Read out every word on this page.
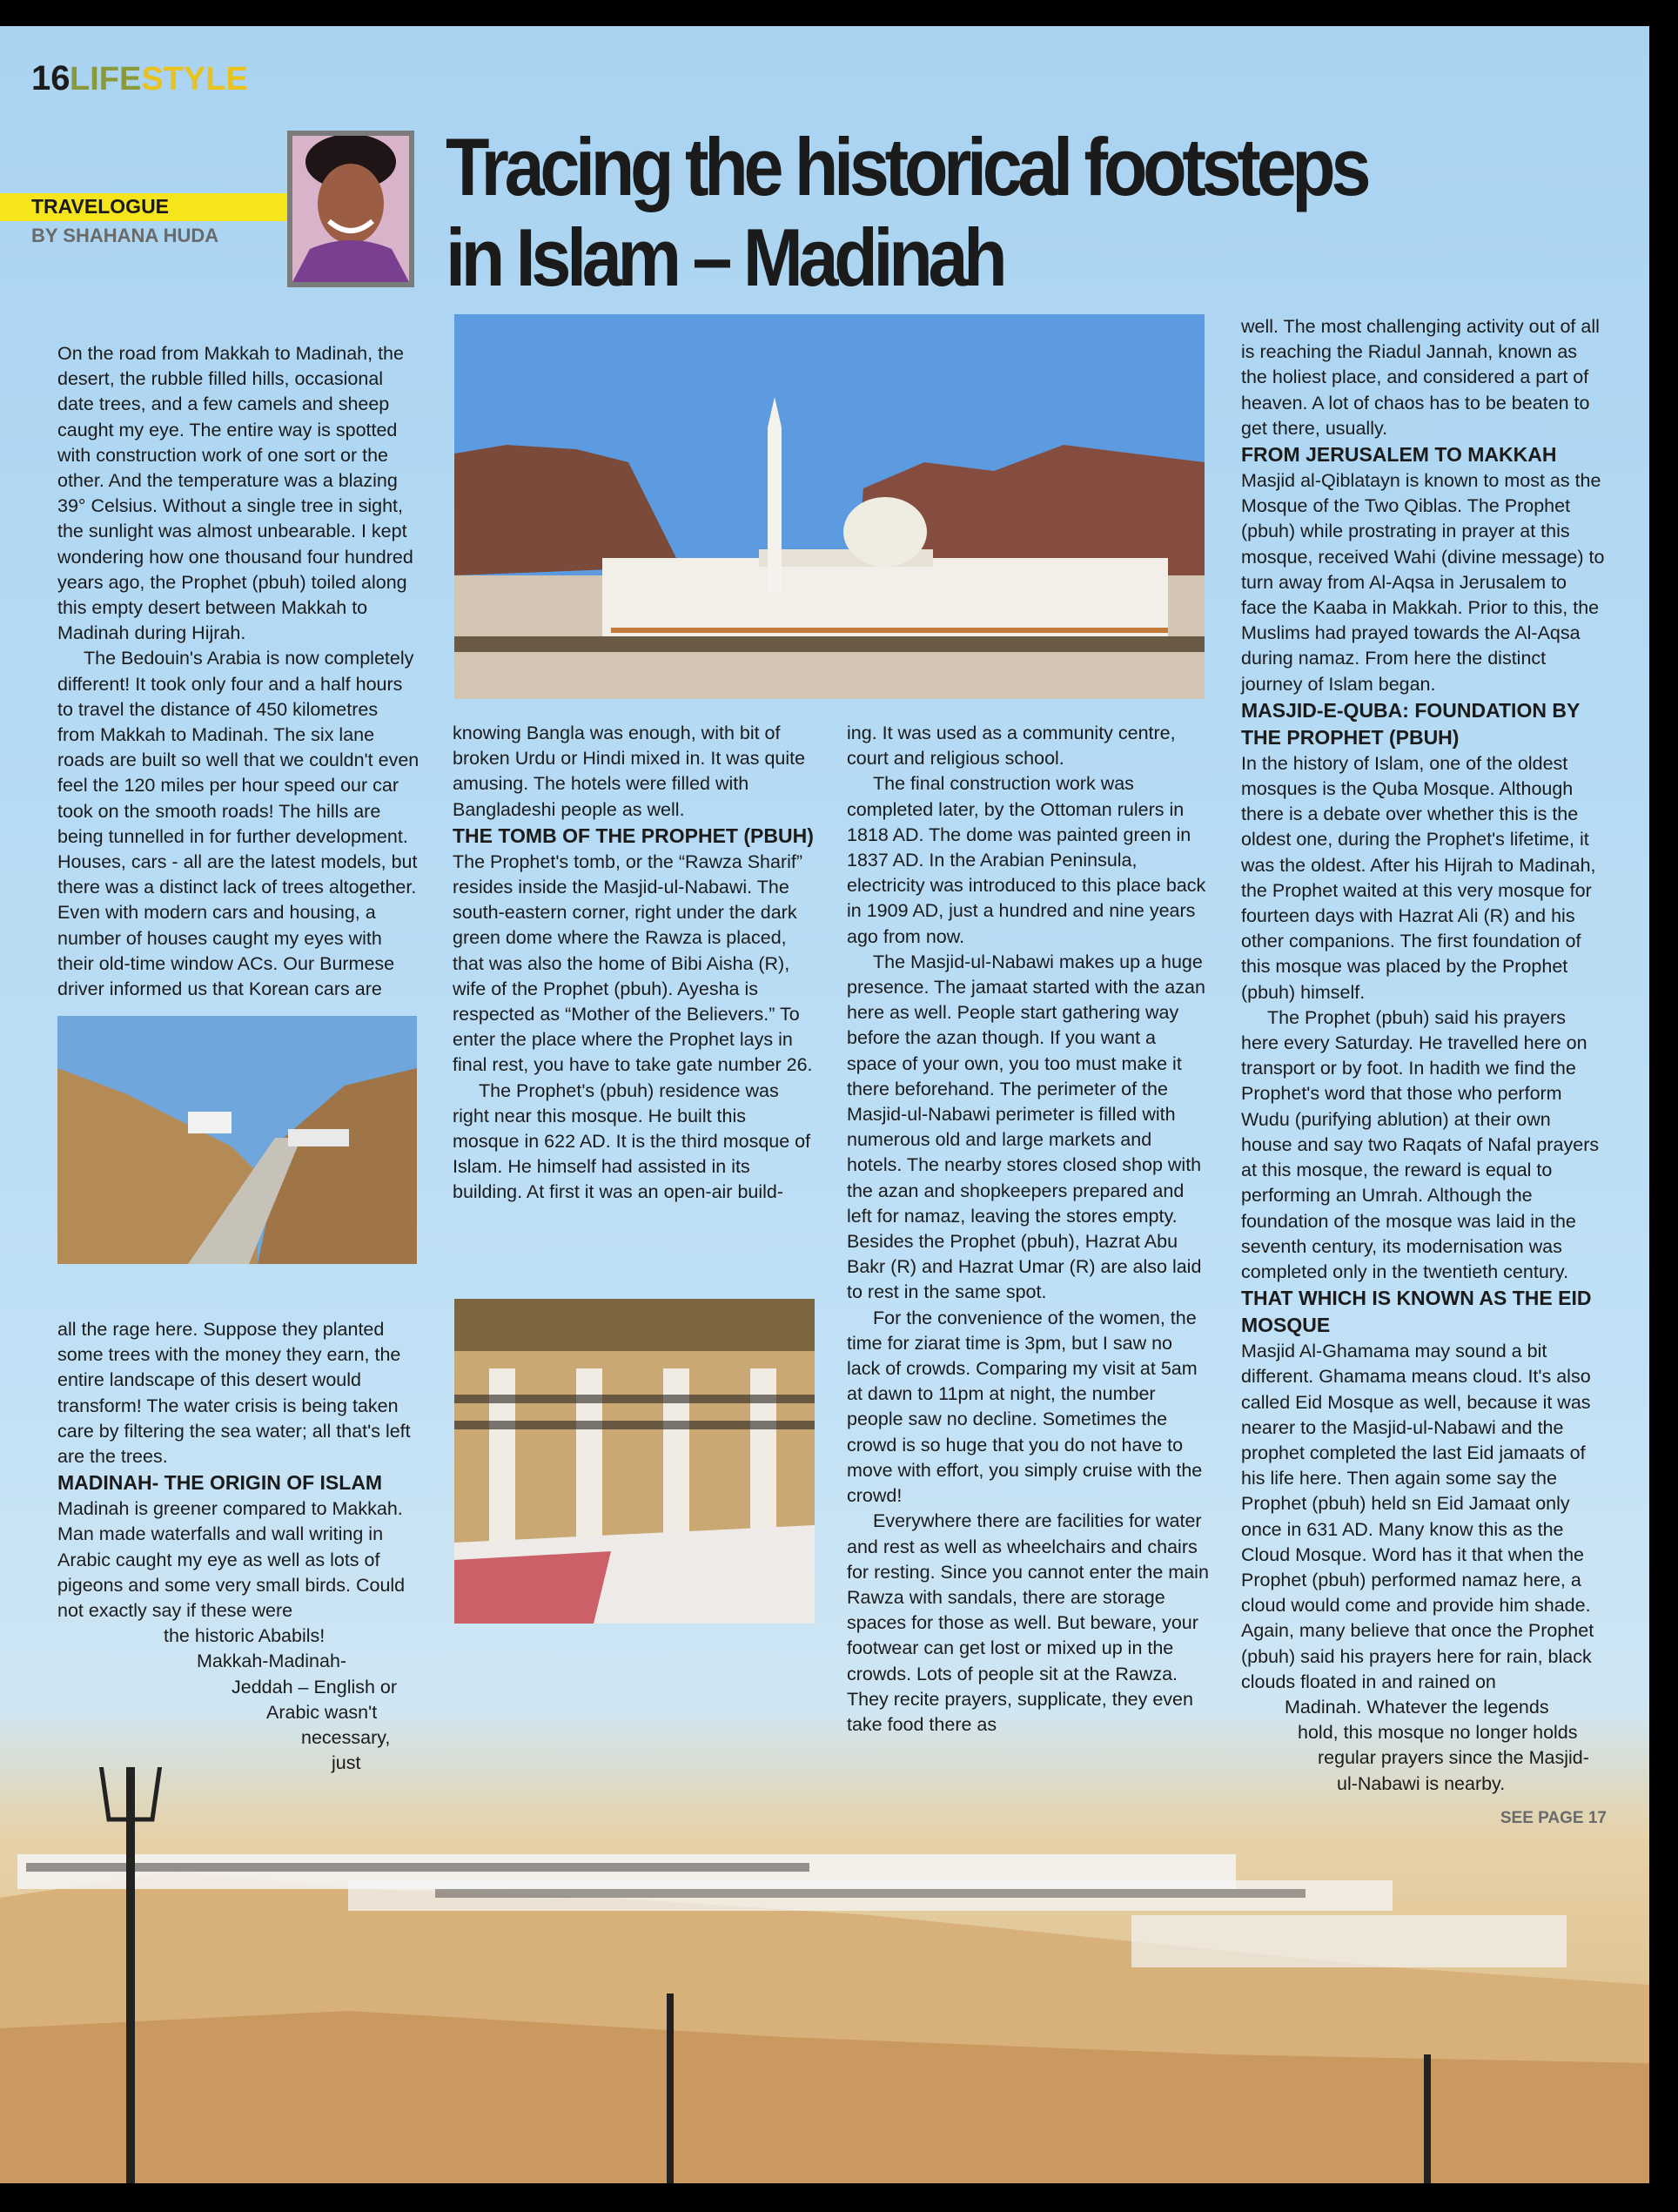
16 LIFESTYLE
TRAVELOGUE
BY SHAHANA HUDA
Tracing the historical footsteps
in Islam – Madinah

On the road from Makkah to Madinah, the desert, the rubble filled hills, occasional date trees, and a few camels and sheep caught my eye. The entire way is spotted with construction work of one sort or the other. And the temperature was a blazing 39° Celsius. Without a single tree in sight, the sunlight was almost unbearable. I kept wondering how one thousand four hundred years ago, the Prophet (pbuh) toiled along this empty desert between Makkah to Madinah during Hijrah.

The Bedouin's Arabia is now completely different! It took only four and a half hours to travel the distance of 450 kilometres from Makkah to Madinah. The six lane roads are built so well that we couldn't even feel the 120 miles per hour speed our car took on the smooth roads! The hills are being tunnelled in for further development. Houses, cars - all are the latest models, but there was a distinct lack of trees altogether. Even with modern cars and housing, a number of houses caught my eyes with their old-time window ACs. Our Burmese driver informed us that Korean cars are

all the rage here. Suppose they planted some trees with the money they earn, the entire landscape of this desert would transform! The water crisis is being taken care by filtering the sea water; all that's left are the trees.

MADINAH- THE ORIGIN OF ISLAM

Madinah is greener compared to Makkah. Man made waterfalls and wall writing in Arabic caught my eye as well as lots of pigeons and some very small birds. Could not exactly say if these were

the historic Ababils!

Makkah-Madinah-

Jeddah – English or

Arabic wasn't

necessary,

just

knowing Bangla was enough, with bit of broken Urdu or Hindi mixed in. It was quite amusing. The hotels were filled with Bangladeshi people as well.

THE TOMB OF THE PROPHET (PBUH)

The Prophet's tomb, or the “Rawza Sharif” resides inside the Masjid-ul-Nabawi. The south-eastern corner, right under the dark green dome where the Rawza is placed, that was also the home of Bibi Aisha (R), wife of the Prophet (pbuh). Ayesha is respected as “Mother of the Believers.” To enter the place where the Prophet lays in final rest, you have to take gate number 26.

The Prophet's (pbuh) residence was right near this mosque. He built this mosque in 622 AD. It is the third mosque of Islam. He himself had assisted in its building. At first it was an open-air build-

ing. It was used as a community centre, court and religious school.

The final construction work was completed later, by the Ottoman rulers in 1818 AD. The dome was painted green in 1837 AD. In the Arabian Peninsula, electricity was introduced to this place back in 1909 AD, just a hundred and nine years ago from now.

The Masjid-ul-Nabawi makes up a huge presence. The jamaat started with the azan here as well. People start gathering way before the azan though. If you want a space of your own, you too must make it there beforehand. The perimeter of the Masjid-ul-Nabawi perimeter is filled with numerous old and large markets and hotels. The nearby stores closed shop with the azan and shopkeepers prepared and left for namaz, leaving the stores empty. Besides the Prophet (pbuh), Hazrat Abu Bakr (R) and Hazrat Umar (R) are also laid to rest in the same spot.

For the convenience of the women, the time for ziarat time is 3pm, but I saw no lack of crowds. Comparing my visit at 5am at dawn to 11pm at night, the number people saw no decline. Sometimes the crowd is so huge that you do not have to move with effort, you simply cruise with the crowd!

Everywhere there are facilities for water and rest as well as wheelchairs and chairs for resting. Since you cannot enter the main Rawza with sandals, there are storage spaces for those as well. But beware, your footwear can get lost or mixed up in the crowds. Lots of people sit at the Rawza. They recite prayers, supplicate, they even take food there as

well. The most challenging activity out of all is reaching the Riadul Jannah, known as the holiest place, and considered a part of heaven. A lot of chaos has to be beaten to get there, usually.

FROM JERUSALEM TO MAKKAH

Masjid al-Qiblatayn is known to most as the Mosque of the Two Qiblas. The Prophet (pbuh) while prostrating in prayer at this mosque, received Wahi (divine message) to turn away from Al-Aqsa in Jerusalem to face the Kaaba in Makkah. Prior to this, the Muslims had prayed towards the Al-Aqsa during namaz. From here the distinct journey of Islam began.

MASJID-E-QUBA: FOUNDATION BY THE PROPHET (PBUH)

In the history of Islam, one of the oldest mosques is the Quba Mosque. Although there is a debate over whether this is the oldest one, during the Prophet's lifetime, it was the oldest. After his Hijrah to Madinah, the Prophet waited at this very mosque for fourteen days with Hazrat Ali (R) and his other companions. The first foundation of this mosque was placed by the Prophet (pbuh) himself.

The Prophet (pbuh) said his prayers here every Saturday. He travelled here on transport or by foot. In hadith we find the Prophet's word that those who perform Wudu (purifying ablution) at their own house and say two Raqats of Nafal prayers at this mosque, the reward is equal to performing an Umrah. Although the foundation of the mosque was laid in the seventh century, its modernisation was completed only in the twentieth century.

THAT WHICH IS KNOWN AS THE EID MOSQUE

Masjid Al-Ghamama may sound a bit different. Ghamama means cloud. It's also called Eid Mosque as well, because it was nearer to the Masjid-ul-Nabawi and the prophet completed the last Eid jamaats of his life here. Then again some say the Prophet (pbuh) held sn Eid Jamaat only once in 631 AD. Many know this as the Cloud Mosque. Word has it that when the Prophet (pbuh) performed namaz here, a cloud would come and provide him shade. Again, many believe that once the Prophet (pbuh) said his prayers here for rain, black clouds floated in and rained on

Madinah. Whatever the legends

hold, this mosque no longer holds

regular prayers since the Masjid-

ul-Nabawi is nearby.

SEE PAGE 17
